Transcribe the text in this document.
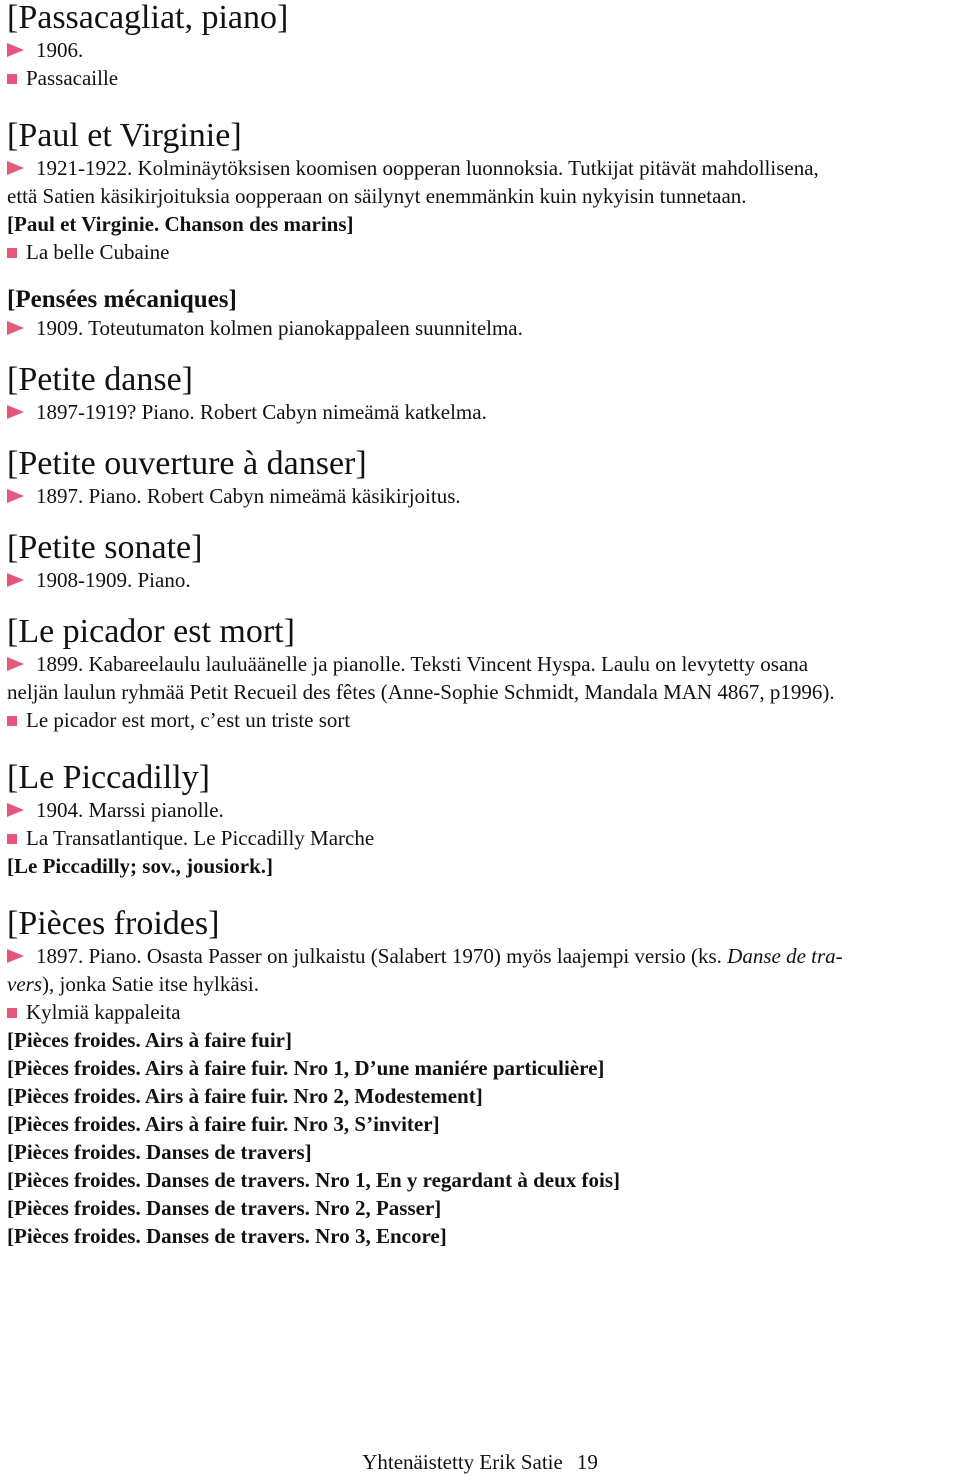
[Passacagliat, piano]

1906.

Passacaille

[Paul et Virginie]

1921-1922. Kolminäytöksisen koomisen oopperan luonnoksia. Tutkijat pitävät mahdollisena,

että Satien käsikirjoituksia oopperaan on säilynyt enemmänkin kuin nykyisin tunnetaan.

[Paul et Virginie. Chanson des marins]

La belle Cubaine

[Pensées mécaniques]

1909. Toteutumaton kolmen pianokappaleen suunnitelma.

[Petite danse]

1897-1919? Piano. Robert Cabyn nimeämä katkelma.

[Petite ouverture à danser]

1897. Piano. Robert Cabyn nimeämä käsikirjoitus.

[Petite sonate]

1908-1909. Piano.

[Le picador est mort]

1899. Kabareelaulu lauluäänelle ja pianolle. Teksti Vincent Hyspa. Laulu on levytetty osana

neljän laulun ryhmää Petit Recueil des fêtes (Anne-Sophie Schmidt, Mandala MAN 4867, p1996).

Le picador est mort, c’est un triste sort

[Le Piccadilly]

1904. Marssi pianolle.

La Transatlantique. Le Piccadilly Marche

[Le Piccadilly; sov., jousiork.]

[Pièces froides]

1897. Piano. Osasta Passer on julkaistu (Salabert 1970) myös laajempi versio (ks. Danse de tra-

vers), jonka Satie itse hylkäsi.

Kylmiä kappaleita

[Pièces froides. Airs à faire fuir]

[Pièces froides. Airs à faire fuir. Nro 1, D’une maniére particulière]

[Pièces froides. Airs à faire fuir. Nro 2, Modestement]

[Pièces froides. Airs à faire fuir. Nro 3, S’inviter]

[Pièces froides. Danses de travers]

[Pièces froides. Danses de travers. Nro 1, En y regardant à deux fois]

[Pièces froides. Danses de travers. Nro 2, Passer]

[Pièces froides. Danses de travers. Nro 3, Encore]

Yhtenäistetty Erik Satie 19
